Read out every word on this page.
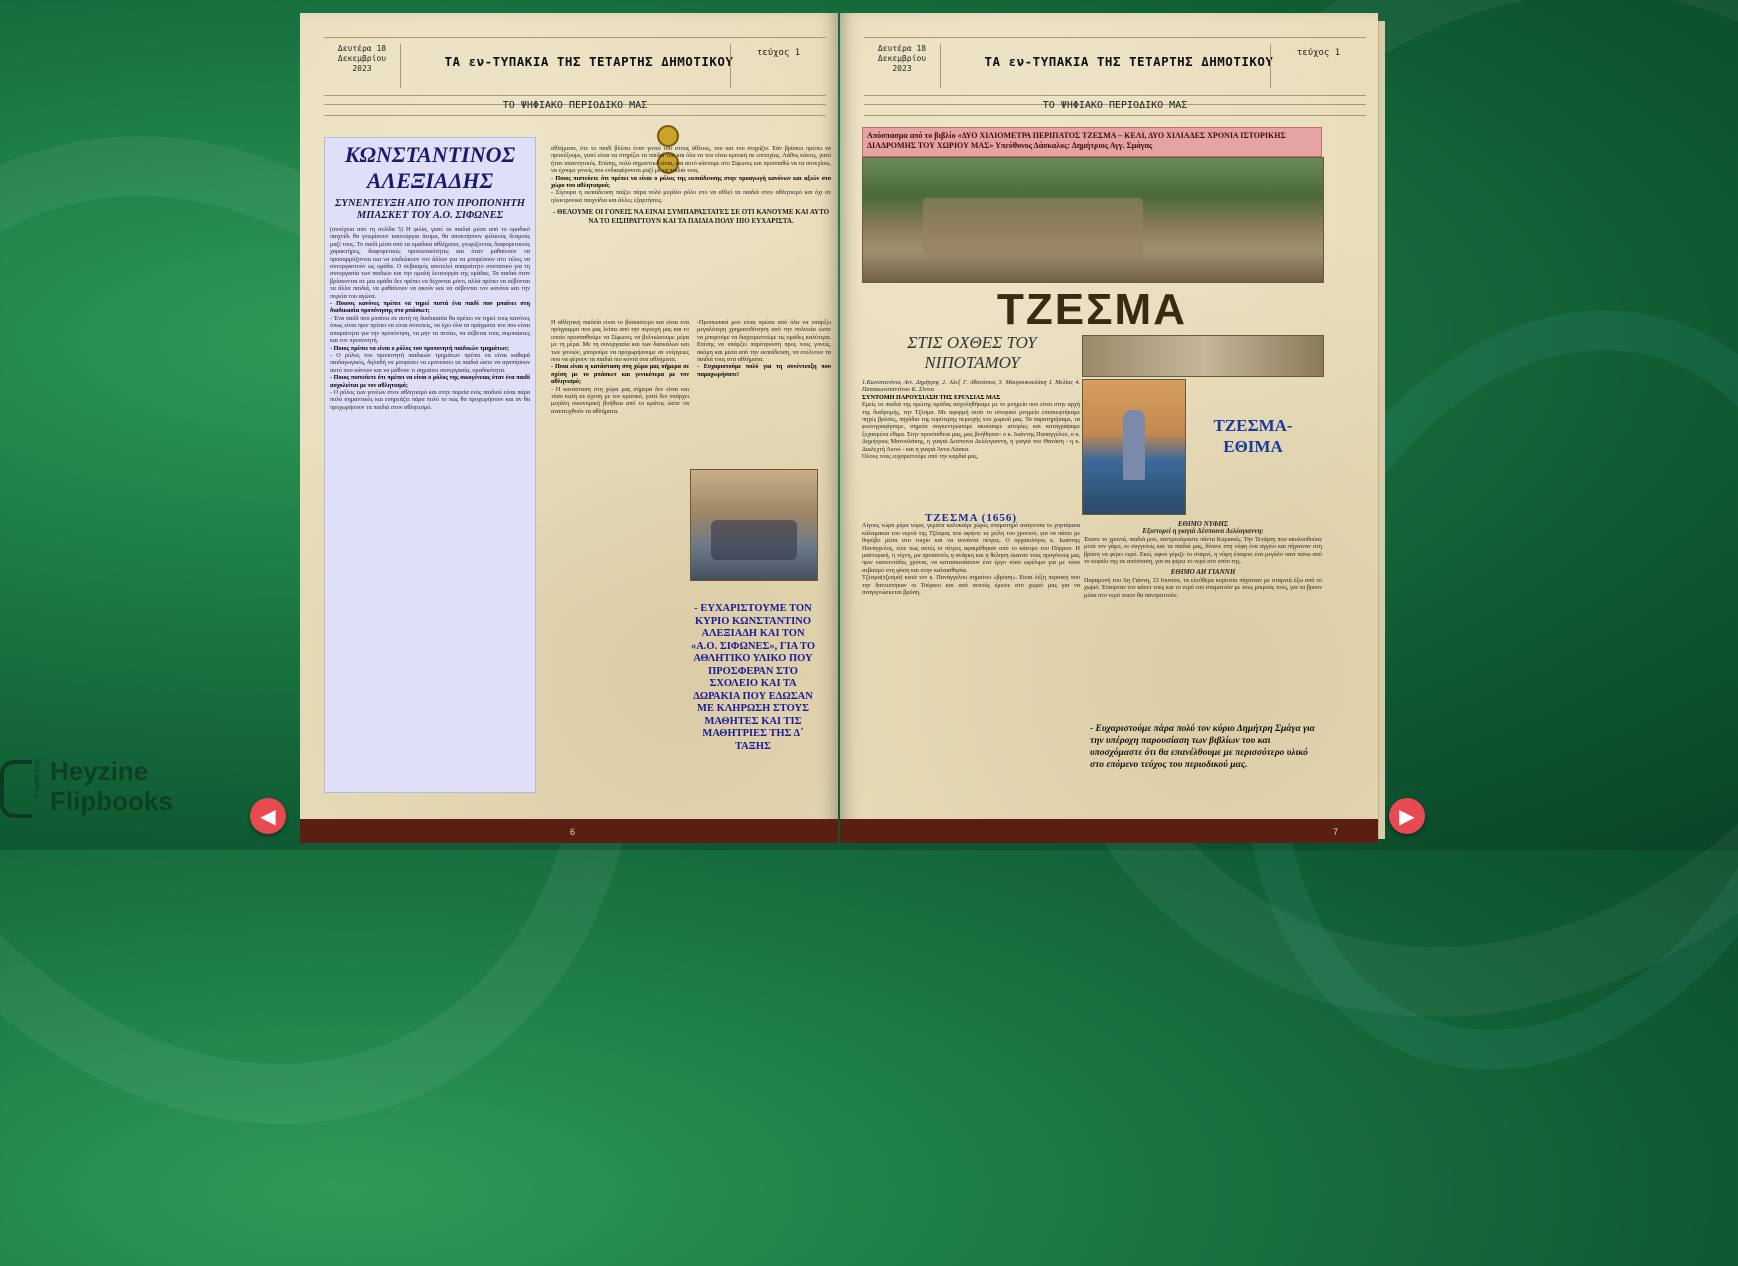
Δευτέρα 18
Δεκεμβρίου
2023	ΤΑ εν-ΤΥΠΑΚΙΑ ΤΗΣ ΤΕΤΑΡΤΗΣ ΔΗΜΟΤΙΚΟΥ
τεύχος 1
ΤΟ ΨΗΦΙΑΚΟ ΠΕΡΙΟΔΙΚΟ ΜΑΣ
ΚΩΝΣΤΑΝΤΙΝΟΣ ΑΛΕΞΙΑΔΗΣ
ΣΥΝΕΝΤΕΥΞΗ ΑΠΟ ΤΟΝ ΠΡΟΠΟΝΗΤΗ ΜΠΑΣΚΕΤ ΤΟΥ Α.Ο. ΣΙΦΩΝΕΣ
(συνέχεια από τη σελίδα 5) Η φιλία, γιατί τα παιδιά μέσα από το ομαδικό παιχνίδι θα γνωρίσουν καινούργια άτομα, θα αποκτήσουν φιλικούς δεσμούς μαζί τους. Το παιδί μέσα από τα ομαδικά αθλήματα, γνωρίζοντας διαφορετικούς χαρακτήρες, διαφορετικές προσωπικότητες και όταν μαθαίνουν να προσαρμόζονται και να επιδιώκουν τον άλλον για να μπορέσουν στο τέλος να συνεργαστούν ως ομάδα. Ο σεβασμός αποτελεί απαραίτητο συστατικό για τη συνεργασία των παιδιών και την ομαλή λειτουργία της ομάδας. Τα παιδιά όταν βρίσκονται σε μια ομάδα δεν πρέπει να δέχονται μόνο, αλλά πρέπει να σέβονται τα άλλα παιδιά, να μαθαίνουν να ακούν και να σέβονται τον κανόνα και την πορεία του αγώνα.
- Ποιους κανόνες πρέπει να τηρεί πιστά ένα παιδί που μπαίνει στη διαδικασία προπόνησης στο μπάσκετ;
- Ένα παιδί που μπαίνει σε αυτή τη διαδικασία θα πρέπει να τηρεί τους κανόνες όπως είναι πριν πρέπει να είναι συνεπείς, να έχει όλα τα πράγματα του που είναι απαραίτητα για την προπόνηση, να μην τα πετάει, να σέβεται τους συμπαίκτες και τον προπονητή.
- Ποιος πρέπει να είναι ο ρόλος του προπονητή παιδικών τμημάτων;
- Ο ρόλος του προπονητή παιδικών τμημάτων πρέπει να είναι καθαρά παιδαγωγικός, δηλαδή να μπορέσει να εμπνεύσει τα παιδιά ώστε να αγαπήσουν αυτό που κάνουν και να μάθουν τι σημαίνει συνεργασία, ομαδικότητα.
- Ποιος πιστεύετε ότι πρέπει να είναι ο ρόλος της οικογένειας όταν ένα παιδί ασχολείται με τον αθλητισμό;
- Ο ρόλος των γονέων στον αθλητισμό και στην πορεία ενός παιδιού είναι πάρα πολύ σημαντικός και επηρεάζει πάρα πολύ το πώς θα προχωρήσουν και αν θα προχωρήσουν τα παιδιά στον αθλητισμό.
αθλήματα, ότε το παιδί βλέπει έναν γονιό του στους άθλους, του και του στηρίζει. Εάν βρίσκει πρέπει να προσέξουμε, γιατί είναι να στηρίξει τα παιδιά του και όλα να του είναι κριτική σε επιτυχίας. Λάθος κάνεις, γιατί ήταν απαντητικός. Επίσης, πολύ σημαντικό είναι, και αυτό κάνουμε στο Σίφωνες και προσπαθώ να τα συνεχίσω, να έχουμε γονείς που ενδιαφέρονται μαζί με τα παιδιά τους.
- Ποιος πιστεύετε ότι πρέπει να είναι ο ρόλος της εκπαίδευσης στην προαγωγή κανόνων και αξιών στο χώρο του αθλητισμού;
- Σίγουρα η εκπαίδευση παίζει πάρα πολύ μεγάλο ρόλο στο να αθλεί τα παιδιά στον αθλητισμό και όχι σε ηλεκτρονικά παιχνίδια και άλλες εξαρτήσεις.
- ΘΕΛΟΥΜΕ ΟΙ ΓΟΝΕΙΣ ΝΑ ΕΙΝΑΙ ΣΥΜΠΑΡΑΣΤΑΤΕΣ ΣΕ ΟΤΙ ΚΑΝΟΥΜΕ ΚΑΙ ΑΥΤΟ ΝΑ ΤΟ ΕΙΣΠΡΑΤΤΟΥΝ ΚΑΙ ΤΑ ΠΑΙΔΙΑ ΠΟΛΥ ΠΙΟ ΕΥΧΑΡΙΣΤΑ.
Η αθλητική παιδεία είναι το βασικότερο και είναι ένα πρόγραμμα που μας λείπει από την περιοχή μας και το οποίο προσπαθούμε να Σίφωνες να βελτιώσουμε μέρα με τη μέρα. Με τη συνεργασία και των δασκάλων και των γονιών, μπορούμε να προχωρήσουμε σε ενέργειες που να φέρουν τα παιδιά πιο κοντά στα αθλήματα.
- Ποια είναι η κατάσταση στη χώρα μας σήμερα σε σχέση με το μπάσκετ και γενικότερα με τον αθλητισμό;
- Η κατάσταση στη χώρα μας σήμερα δεν είναι και τόσο καλή σε σχέση με τον κρατικό, γιατί δεν υπάρχει μεγάλη οικονομική βοήθεια από το κράτος ώστε να αναπτυχθούν τα αθλήματα.
-Προσωπικά μου είναι πρώτα από όλα να υπάρξει μεγαλύτερη χρηματοδότηση από την πολιτεία ώστε να μπορούμε να διαχειριστούμε τις ομάδες καλύτερα. Επίσης να υπάρξει παρότρυνση προς τους γονείς, ακόμη και μέσα από την εκπαίδευση, να στέλνουν τα παιδιά τους στα αθλήματα.
- Ευχαριστούμε πολύ για τη συνέντευξη που παραχωρήσατε!
- ΕΥΧΑΡΙΣΤΟΥΜΕ ΤΟΝ ΚΥΡΙΟ ΚΩΝΣΤΑΝΤΙΝΟ ΑΛΕΞΙΑΔΗ ΚΑΙ ΤΟΝ «Α.Ο. ΣΙΦΩΝΕΣ», ΓΙΑ ΤΟ ΑΘΛΗΤΙΚΟ ΥΛΙΚΟ ΠΟΥ ΠΡΟΣΦΕΡΑΝ ΣΤΟ ΣΧΟΛΕΙΟ ΚΑΙ ΤΑ ΔΩΡΑΚΙΑ ΠΟΥ ΕΔΩΣΑΝ ΜΕ ΚΛΗΡΩΣΗ ΣΤΟΥΣ ΜΑΘΗΤΕΣ ΚΑΙ ΤΙΣ ΜΑΘΗΤΡΙΕΣ ΤΗΣ Δ΄ ΤΑΞΗΣ
6
Δευτέρα 18
Δεκεμβρίου
2023	ΤΑ εν-ΤΥΠΑΚΙΑ ΤΗΣ ΤΕΤΑΡΤΗΣ ΔΗΜΟΤΙΚΟΥ
τεύχος 1
ΤΟ ΨΗΦΙΑΚΟ ΠΕΡΙΟΔΙΚΟ ΜΑΣ
Απόσπασμα από το βιβλίο «ΔΥΟ ΧΙΛΙΟΜΕΤΡΑ ΠΕΡΙΠΑΤΟΣ ΤΖΕΣΜΑ – ΚΕΛΙ, ΔΥΟ ΧΙΛΙΑΔΕΣ ΧΡΟΝΙΑ ΙΣΤΟΡΙΚΗΣ ΔΙΑΔΡΟΜΗΣ ΤΟΥ ΧΩΡΙΟΥ ΜΑΣ» Υπεύθυνος Δάσκαλος: Δημήτριος Αγγ. Σμάγας
ΤΖΕΣΜΑ
ΣΤΙΣ ΟΧΘΕΣ ΤΟΥ ΝΙΠΟΤΑΜΟΥ
1.Κωνσταντίνος Αντ. Δημήτρης 2. Αλεξ Γ. Αθανάσιος 3. Μαυρουκουλάκη Ι. Μελίας 4. Παπακωνσταντίνου Κ. Σίντια
ΣΥΝΤΟΜΗ ΠΑΡΟΥΣΙΑΣΗ ΤΗΣ ΕΡΓΑΣΙΑΣ ΜΑΣ
Εμείς τα παιδιά της πρώτης ομάδας ασχοληθήκαμε με το μνημείο που είναι στην αρχή της διαδρομής, την Τζέσμα. Με αφορμή αυτό το ιστορικό μνημείο επισκεφτήκαμε πηγές βρύσες, πηγάδια της ευρύτερης περιοχής του χωριού μας. Τα παρατηρήσαμε, τα φωτογραφήσαμε, σημεία συγκεντρώσαμε ακούσαμε ιστορίες και καταγράψαμε ξεχασμένα έθιμα. Στην προσπάθεια μας, μας βοήθησαν: ο κ. Ιωάννης Παπαγγέλου, ο κ. Δημήτριος Μανουλάκης, η γιαγιά Δεσποινα Δελέογιαννη, η γιαγιά του Θανάση - η κ. Διαλεχτή Λιονέ - και η γιαγιά Άννα Λάσκα.
Όλους τους ευχαριστούμε από την καρδιά μας.
ΤΖΕΣΜΑ-ΕΘΙΜΑ
ΤΖΕΣΜΑ (1656)
Λίγους τώρα μέρα τώρα, γεμάτα καλοκαίρι χώρες σταματημό ανάγνοσα το χορτάρισα κάλαμακια του νερού της Τζέσμας που αφήνει τα χείλη του χρονιού, για να πάσει με θορύβο μέσα στο τοιχίο και να συνάντα πέτρες. Ο αρχαιολόγος κ. Ιωάννης Πανάγγελος, είπε πως αυτές οι πέτρες αφαιρέθηκαν από το κάστρο του Πόρρου. Η μαστορική, η τέχνη, μα προπαντός η ανάγκη και η θέληση έκαναν τους προγόνους μας πριν εκατοντάδες χρόνια, να κατασκευάσουν ένα έργο τόσο ωφέλιμο για με τόσο σεβασμό στη φύση και στην καλαισθησία.
Τζέσμα(τζεσμά) κατά τον κ. Πανάγγελου σημαίνει «βρύση». Είναι λέξη περσική που την δανειστήκαν οι Τούρκοι και από αυτούς έμεινε στο χωριό μας για να αναγιγνώσκεται βρύση.
ΕΘΙΜΟ ΝΥΦΗΣ
Εξιστορεί η γιαγιά Δέσποινα Δελέογιαννη:
Έκανε το χρονιά, παιδιά μου, παντρευόμαστε πάντα Κυριακές. Την Τετάρτη που ακολουθούσε μετά τον γάμο, οι συγγενείς και τα παιδιά μας, δίνανε στη νύφη ένα αγγείο και πήγαιναν στη βρύση να φέρει νερό. Εκεί, αφού γέμιζε το σταμνί, η νύφη έπαιρνε ένα μεγάλο πανί πάνω από το κεφάλι της σε απόσταση, για να φέρει το νερό στο σπίτι της.
ΕΘΙΜΟ ΑΗ ΓΙΑΝΝΗ
Παραμονή του Άη Γιάννη, 23 Ιουνίου, τα ελεύθερα κορίτσια πήγαιναν με σταμνιά έξω από το χωριό. Έπαιρναν τον κάνετ τους και το νερό του σταματούν με τους μικρούς τους, για να βρουν μέσα στο νερό ποιον θα παντρευτούν.
- Ευχαριστούμε πάρα πολύ τον κύριο Δημήτρη Σμάγα για την υπέροχη παρουσίαση των βιβλίων του και υποσχόμαστε ότι θα επανέλθουμε με περισσότερο υλικό στο επόμενο τεύχος του περιοδικού μας.
7
Powered by Heyzine
Flipbooks	◀	▶
